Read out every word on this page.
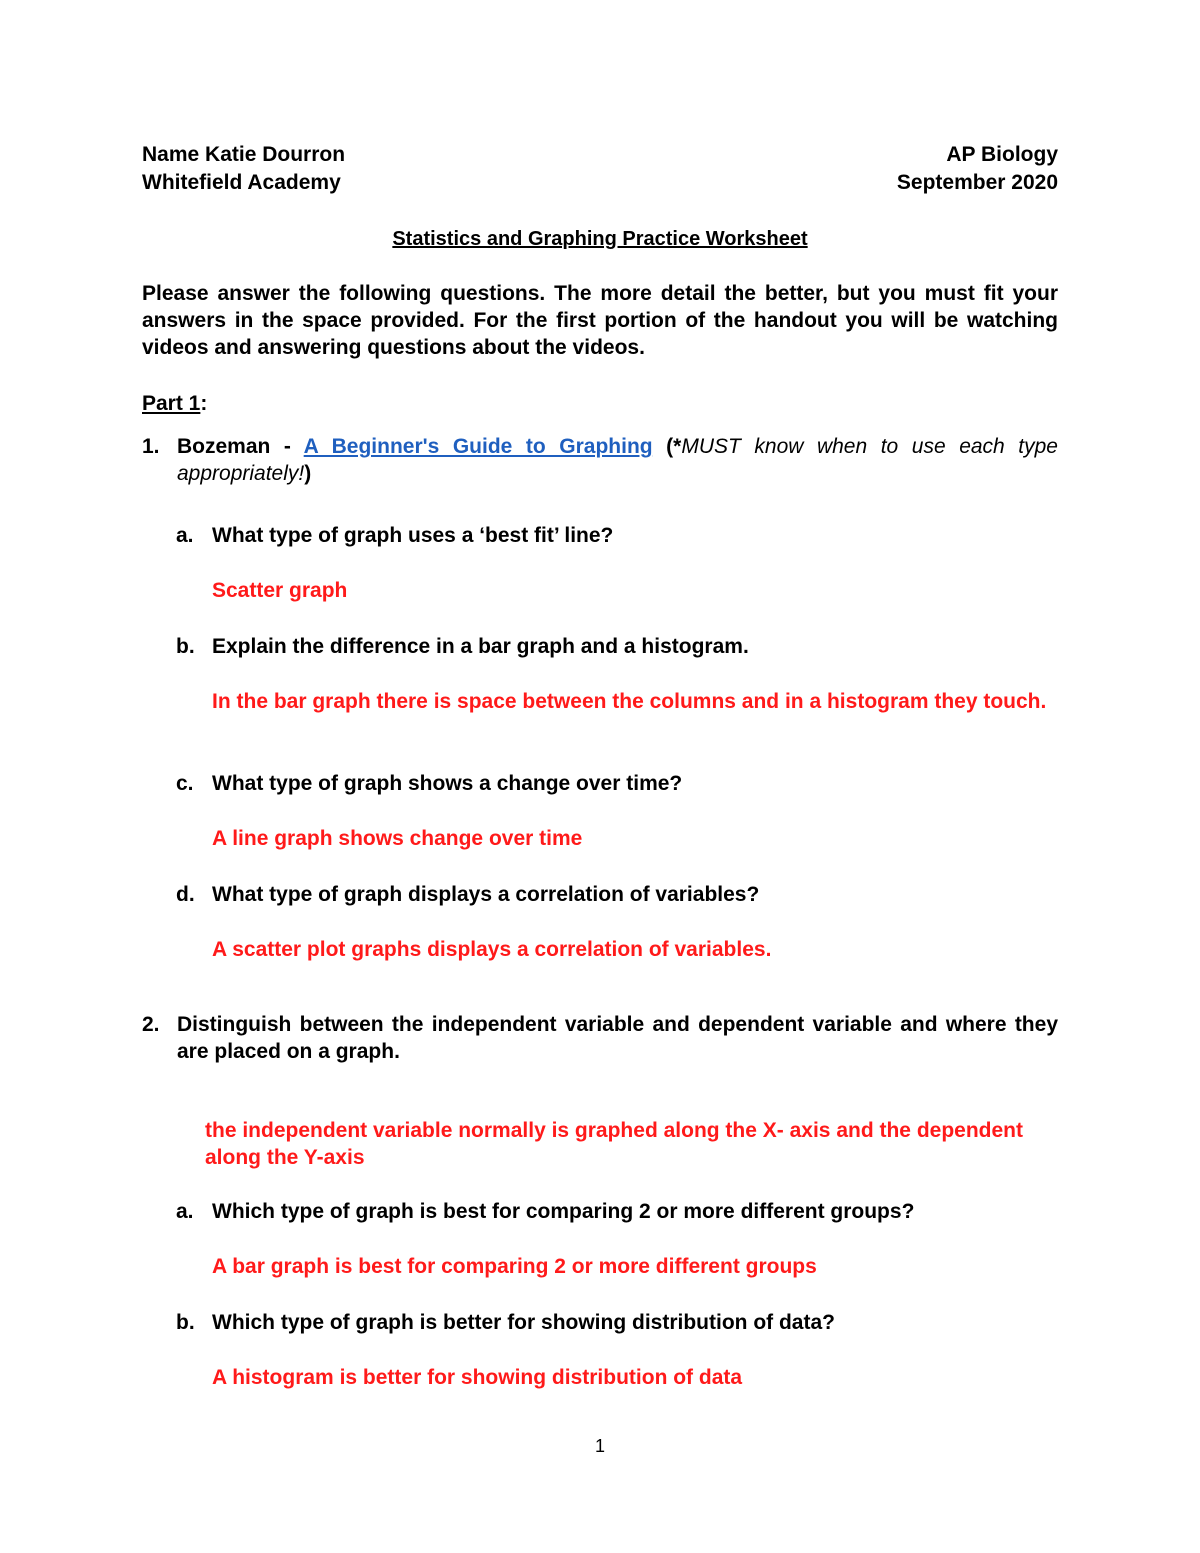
Name Katie Dourron	AP Biology
Whitefield Academy	September 2020
Statistics and Graphing Practice Worksheet
Please answer the following questions. The more detail the better, but you must fit your answers in the space provided. For the first portion of the handout you will be watching videos and answering questions about the videos.
Part 1:
1. Bozeman - A Beginner's Guide to Graphing (*MUST know when to use each type appropriately!)
a. What type of graph uses a ‘best fit’ line?
Scatter graph
b. Explain the difference in a bar graph and a histogram.
In the bar graph there is space between the columns and in a histogram they touch.
c. What type of graph shows a change over time?
A line graph shows change over time
d. What type of graph displays a correlation of variables?
A scatter plot graphs displays a correlation of variables.
2. Distinguish between the independent variable and dependent variable and where they are placed on a graph.
the independent variable normally is graphed along the X- axis and the dependent along the Y-axis
a. Which type of graph is best for comparing 2 or more different groups?
A bar graph is best for comparing 2 or more different groups
b. Which type of graph is better for showing distribution of data?
A histogram is better for showing distribution of data
1
